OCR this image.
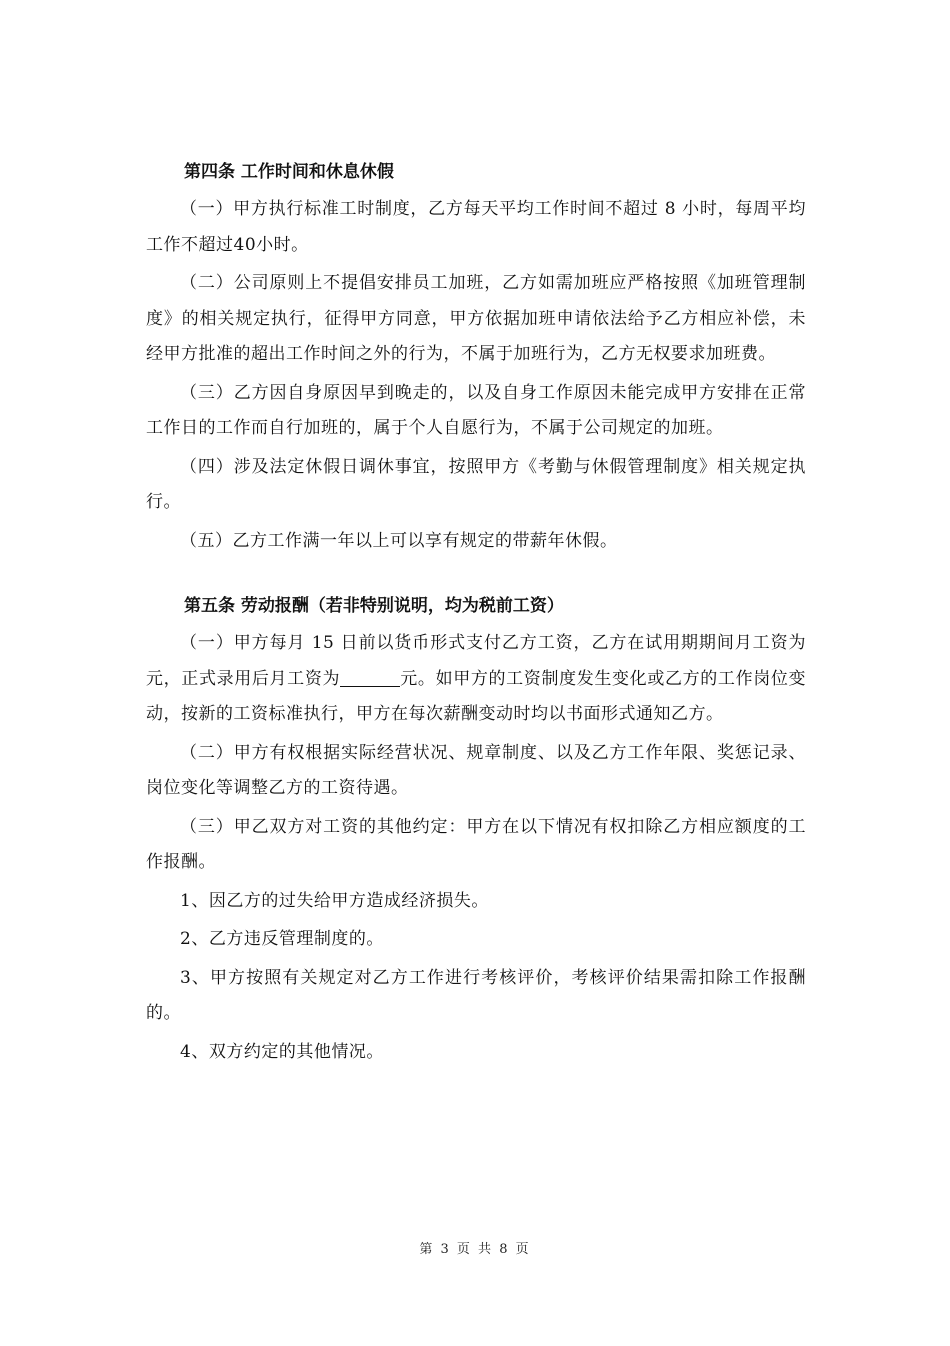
第四条 工作时间和休息休假

（一）甲方执行标准工时制度，乙方每天平均工作时间不超过 8 小时，每周平均工作不超过40小时。

（二）公司原则上不提倡安排员工加班，乙方如需加班应严格按照《加班管理制度》的相关规定执行，征得甲方同意，甲方依据加班申请依法给予乙方相应补偿，未经甲方批准的超出工作时间之外的行为，不属于加班行为，乙方无权要求加班费。

（三）乙方因自身原因早到晚走的，以及自身工作原因未能完成甲方安排在正常工作日的工作而自行加班的，属于个人自愿行为，不属于公司规定的加班。

（四）涉及法定休假日调休事宜，按照甲方《考勤与休假管理制度》相关规定执行。

（五）乙方工作满一年以上可以享有规定的带薪年休假。

第五条 劳动报酬（若非特别说明，均为税前工资）

（一）甲方每月 15 日前以货币形式支付乙方工资，乙方在试用期期间月工资为元，正式录用后月工资为	元。如甲方的工资制度发生变化或乙方的工作岗位变动，按新的工资标准执行，甲方在每次薪酬变动时均以书面形式通知乙方。

（二）甲方有权根据实际经营状况、规章制度、以及乙方工作年限、奖惩记录、岗位变化等调整乙方的工资待遇。

（三）甲乙双方对工资的其他约定：甲方在以下情况有权扣除乙方相应额度的工作报酬。

1、因乙方的过失给甲方造成经济损失。

2、乙方违反管理制度的。

3、甲方按照有关规定对乙方工作进行考核评价，考核评价结果需扣除工作报酬的。

4、双方约定的其他情况。

第 3 页 共 8 页
